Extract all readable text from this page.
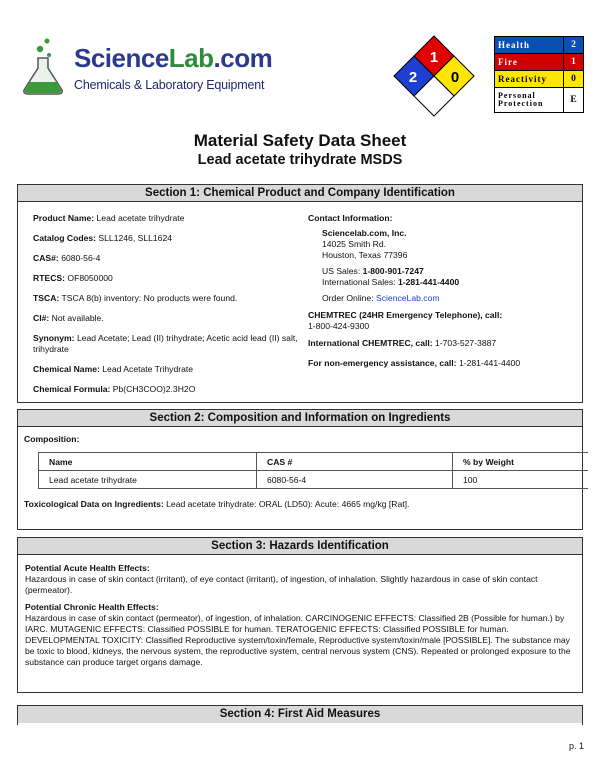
ScienceLab.com
Chemicals & Laboratory Equipment
1
2 0
Health	2
Fire	1
Reactivity	0
Personal
Protection	E
Material Safety Data Sheet
Lead acetate trihydrate MSDS
Section 1: Chemical Product and Company Identification
Product Name: Lead acetate trihydrate
Catalog Codes: SLL1246, SLL1624
CAS#: 6080-56-4
RTECS: OF8050000
TSCA: TSCA 8(b) inventory: No products were found.
CI#: Not available.
Synonym: Lead Acetate; Lead (II) trihydrate; Acetic acid lead (II) salt, trihydrate
Chemical Name: Lead Acetate Trihydrate
Chemical Formula: Pb(CH3COO)2.3H2O
Contact Information:
Sciencelab.com, Inc.
14025 Smith Rd.
Houston, Texas 77396
US Sales: 1-800-901-7247
International Sales: 1-281-441-4400
Order Online: ScienceLab.com
CHEMTREC (24HR Emergency Telephone), call:
1-800-424-9300
International CHEMTREC, call: 1-703-527-3887
For non-emergency assistance, call: 1-281-441-4400
Section 2: Composition and Information on Ingredients
Composition:
Name	CAS #	% by Weight
Lead acetate trihydrate	6080-56-4	100
Toxicological Data on Ingredients: Lead acetate trihydrate: ORAL (LD50): Acute: 4665 mg/kg [Rat].
Section 3: Hazards Identification
Potential Acute Health Effects:

Hazardous in case of skin contact (irritant), of eye contact (irritant), of ingestion, of inhalation. Slightly hazardous in case of skin contact (permeator).

Potential Chronic Health Effects:

Hazardous in case of skin contact (permeator), of ingestion, of inhalation. CARCINOGENIC EFFECTS: Classified 2B (Possible for human.) by IARC. MUTAGENIC EFFECTS: Classified POSSIBLE for human. TERATOGENIC EFFECTS: Classified POSSIBLE for human. DEVELOPMENTAL TOXICITY: Classified Reproductive system/toxin/female, Reproductive system/toxin/male [POSSIBLE]. The substance may be toxic to blood, kidneys, the nervous system, the reproductive system, central nervous system (CNS). Repeated or prolonged exposure to the substance can produce target organs damage.

Section 4: First Aid Measures
p. 1
